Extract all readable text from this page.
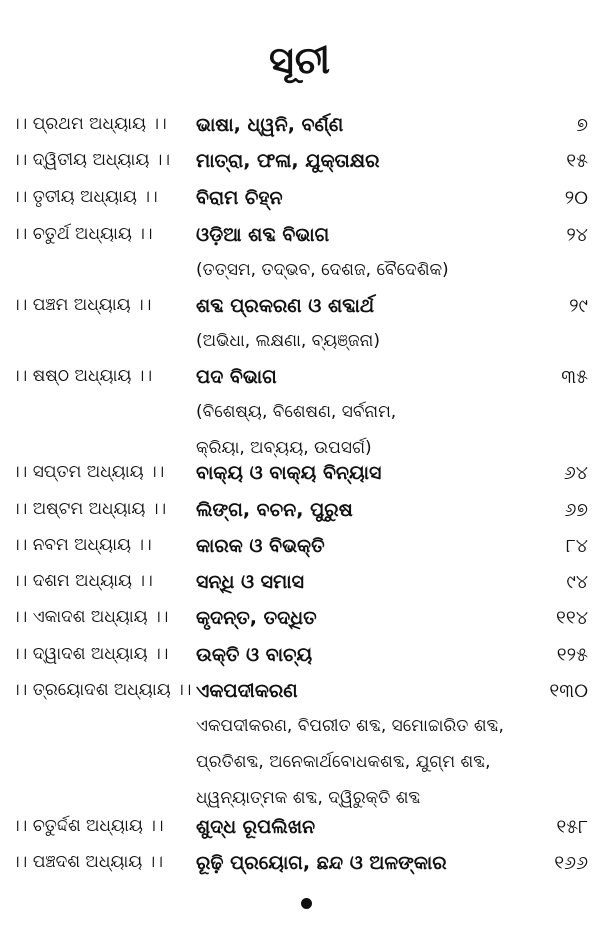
ସୂଚୀ
।। ପ୍ରଥମ ଅଧ୍ୟାୟ ।। ଭାଷା, ଧ୍ୱନି, ବର୍ଣ୍ଣ	୭
।। ଦ୍ୱିତୀୟ ଅଧ୍ୟାୟ ।। ମାତ୍ରା, ଫଳା, ଯୁକ୍ତାକ୍ଷର	୧୫
।। ତୃତୀୟ ଅଧ୍ୟାୟ ।। ବିରାମ ଚିହ୍ନ	୨୦
।। ଚତୁର୍ଥ ଅଧ୍ୟାୟ ।। ଓଡ଼ିଆ ଶବ୍ଦ ବିଭାଗ	୨୪
(ତତ୍‌ସମ, ତଦ୍‌ଭବ, ଦେଶଜ, ବୈଦେଶିକ)
।। ପଞ୍ଚମ ଅଧ୍ୟାୟ ।। ଶବ୍ଦ ପ୍ରକରଣ ଓ ଶବ୍ଦାର୍ଥ	୨୯
(ଅଭିଧା, ଲକ୍ଷଣା, ବ୍ୟଞ୍ଜନା)
।। ଷଷ୍ଠ ଅଧ୍ୟାୟ ।। ପଦ ବିଭାଗ	୩୫
(ବିଶେଷ୍ୟ, ବିଶେଷଣ, ସର୍ବନାମ,
କ୍ରିୟା, ଅବ୍ୟୟ, ଉପସର୍ଗ)
।। ସପ୍ତମ ଅଧ୍ୟାୟ ।। ବାକ୍ୟ ଓ ବାକ୍ୟ ବିନ୍ୟାସ	୬୪
।। ଅଷ୍ଟମ ଅଧ୍ୟାୟ ।। ଲିଙ୍ଗ, ବଚନ, ପୁରୁଷ	୬୭
।। ନବମ ଅଧ୍ୟାୟ ।। କାରକ ଓ ବିଭକ୍ତି	୮୪
।। ଦଶମ ଅଧ୍ୟାୟ ।। ସନ୍ଧି ଓ ସମାସ	୯୪
।। ଏକାଦଶ ଅଧ୍ୟାୟ ।। କୃଦନ୍ତ, ତଦ୍ଧିତ	୧୧୪
।। ଦ୍ୱାଦଶ ଅଧ୍ୟାୟ ।। ଉକ୍ତି ଓ ବାଚ୍ୟ	୧୨୫
।। ତ୍ରୟୋଦଶ ଅଧ୍ୟାୟ ।। ଏକପଦୀକରଣ	୧୩୦
ଏକପଦୀକରଣ, ବିପରୀତ ଶବ୍ଦ, ସମୋଚ୍ଚାରିତ ଶବ୍ଦ,
ପ୍ରତିଶବ୍ଦ, ଅନେକାର୍ଥବୋଧକଶବ୍ଦ, ଯୁଗ୍ମ ଶବ୍ଦ,
ଧ୍ୱନ୍ୟାତ୍ମକ ଶବ୍ଦ, ଦ୍ୱିରୁକ୍ତି ଶବ୍ଦ
।। ଚତୁର୍ଦ୍ଦଶ ଅଧ୍ୟାୟ ।। ଶୁଦ୍ଧ ରୂପଲିଖନ	୧୫୮
।। ପଞ୍ଚଦଶ ଅଧ୍ୟାୟ ।। ରୂଢ଼ି ପ୍ରୟୋଗ, ଛନ୍ଦ ଓ ଅଳଙ୍କାର	୧୬୬
